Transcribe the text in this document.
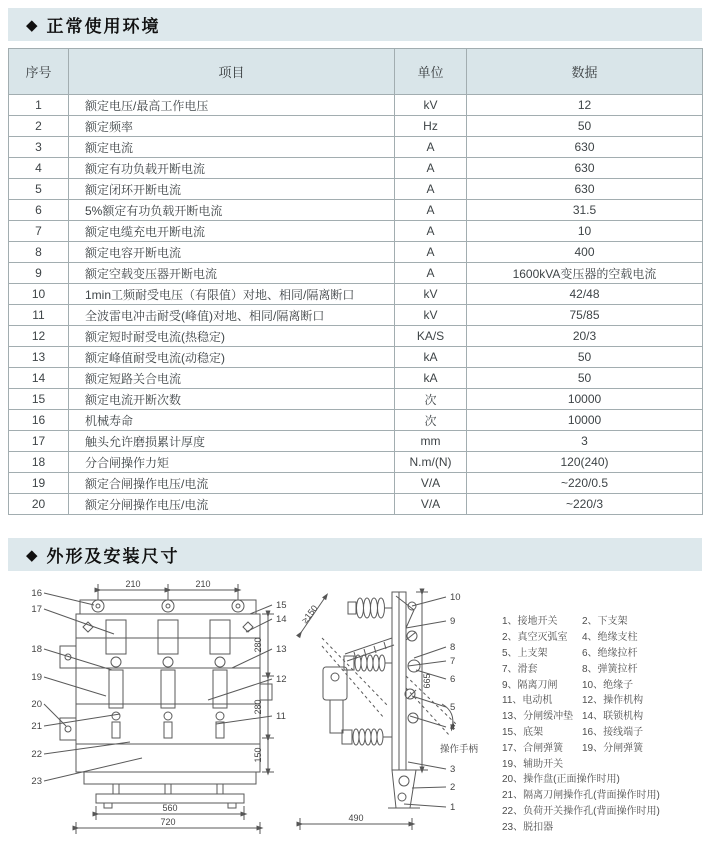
◆ 正常使用环境
序号	项目	单位	数据
1	额定电压/最高工作电压	kV	12
2	额定频率	Hz	50
3	额定电流	A	630
4	额定有功负载开断电流	A	630
5	额定闭环开断电流	A	630
6	5%额定有功负载开断电流	A	31.5
7	额定电缆充电开断电流	A	10
8	额定电容开断电流	A	400
9	额定空载变压器开断电流	A	1600kVA变压器的空载电流
10	1min工频耐受电压（有限值）对地、相同/隔离断口	kV	42/48
11	全波雷电冲击耐受(峰值)对地、相同/隔离断口	kV	75/85
12	额定短时耐受电流(热稳定)	KA/S	20/3
13	额定峰值耐受电流(动稳定)	kA	50
14	额定短路关合电流	kA	50
15	额定电流开断次数	次	10000
16	机械寿命	次	10000
17	触头允许磨损累计厚度	mm	3
18	分合闸操作力矩	N.m/(N)	120(240)
19	额定合闸操作电压/电流	V/A	~220/0.5
20	额定分闸操作电压/电流	V/A	~220/3
◆ 外形及安装尺寸
210	210
280
280
150
560
720
16
17
18
19
20
21
22
23
15
14
13
12
11
≥150
665
490
操作手柄
10
9
8
7
6
5
4
3
2
1
1、接地开关	2、下支架
2、真空灭弧室	4、绝缘支柱
5、上支架	6、绝缘拉杆
7、滑套	8、弹簧拉杆
9、隔离刀闸	10、绝缘子
11、电动机	12、操作机构
13、分闸缓冲垫 14、联锁机构
15、底架	16、接线端子
17、合闸弹簧	19、分闸弹簧
19、辅助开关
20、操作盘(正面操作时用)
21、隔离刀闸操作孔(背面操作时用)
22、负荷开关操作孔(背面操作时用)
23、脱扣器
